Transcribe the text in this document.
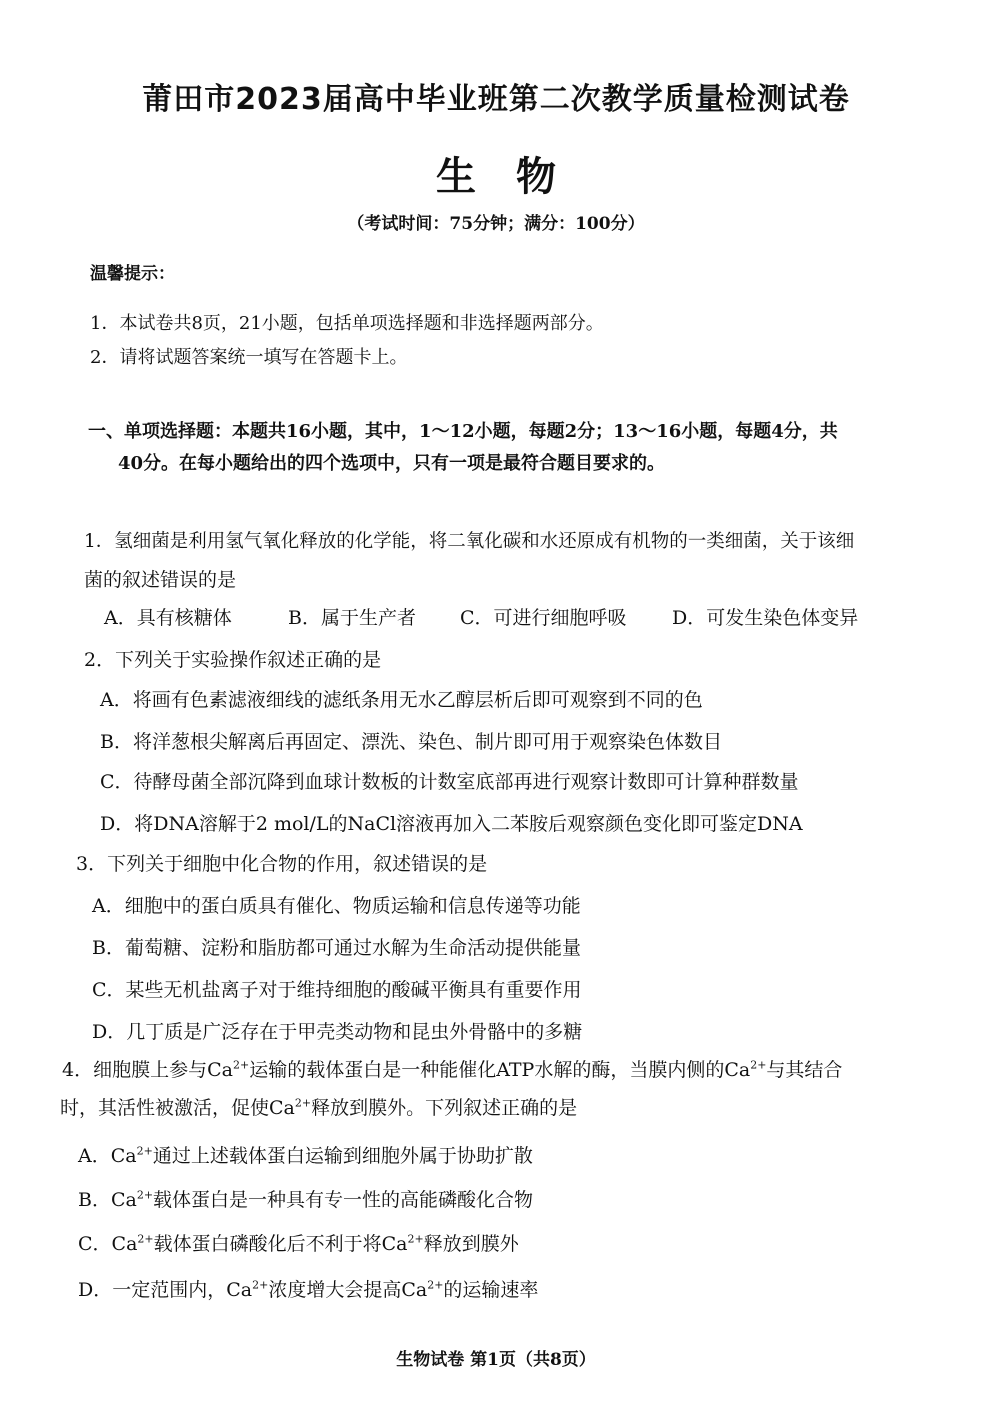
莆田市2023届高中毕业班第二次教学质量检测试卷
生物
（考试时间：75分钟；满分：100分）
温馨提示：
1．本试卷共8页，21小题，包括单项选择题和非选择题两部分。
2．请将试题答案统一填写在答题卡上。
一、单项选择题：本题共16小题，其中，1～12小题，每题2分；13～16小题，每题4分，共
40分。在每小题给出的四个选项中，只有一项是最符合题目要求的。
1．氢细菌是利用氢气氧化释放的化学能，将二氧化碳和水还原成有机物的一类细菌，关于该细
菌的叙述错误的是
A．具有核糖体	B．属于生产者 C．可进行细胞呼吸 D．可发生染色体变异
2．下列关于实验操作叙述正确的是
A．将画有色素滤液细线的滤纸条用无水乙醇层析后即可观察到不同的色
B．将洋葱根尖解离后再固定、漂洗、染色、制片即可用于观察染色体数目
C．待酵母菌全部沉降到血球计数板的计数室底部再进行观察计数即可计算种群数量
D．将DNA溶解于2 mol/L的NaCl溶液再加入二苯胺后观察颜色变化即可鉴定DNA
3．下列关于细胞中化合物的作用，叙述错误的是
A．细胞中的蛋白质具有催化、物质运输和信息传递等功能
B．葡萄糖、淀粉和脂肪都可通过水解为生命活动提供能量
C．某些无机盐离子对于维持细胞的酸碱平衡具有重要作用
D．几丁质是广泛存在于甲壳类动物和昆虫外骨骼中的多糖
4．细胞膜上参与$Ca^{2+}$运输的载体蛋白是一种能催化ATP水解的酶，当膜内侧的$Ca^{2+}$与其结合
时，其活性被激活，促使$Ca^{2+}$释放到膜外。下列叙述正确的是
A．$Ca^{2+}$通过上述载体蛋白运输到细胞外属于协助扩散
B．$Ca^{2+}$载体蛋白是一种具有专一性的高能磷酸化合物
C．$Ca^{2+}$载体蛋白磷酸化后不利于将$Ca^{2+}$释放到膜外
D．一定范围内，$Ca^{2+}$浓度增大会提高$Ca^{2+}$的运输速率
生物试卷 第1页（共8页）
